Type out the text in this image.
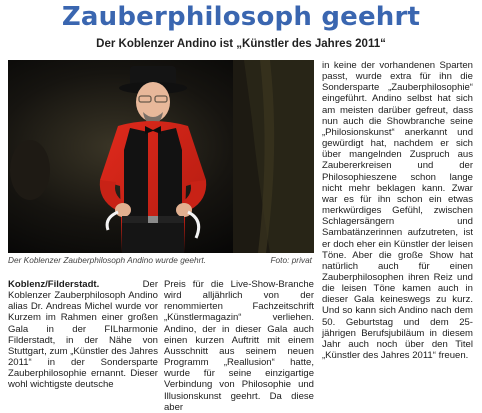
Zauberphilosoph geehrt
Der Koblenzer Andino ist „Künstler des Jahres 2011“
Der Koblenzer Zauberphilosoph Andino wurde geehrt.	Foto: privat
Koblenz/Filderstadt.	Der Koblenzer Zauberphilosoph Andino alias Dr. Andreas Michel wurde vor Kurzem im Rahmen einer großen Gala in der FILharmonie Filderstadt, in der Nähe von Stuttgart, zum „Künstler des Jahres 2011“ in der Sondersparte Zauberphilosophie ernannt. Dieser wohl wichtigste deutsche
Preis für die Live-Show-Branche wird alljährlich von der renommierten Fachzeitschrift „Künstlermagazin“ verliehen. Andino, der in dieser Gala auch einen kurzen Auftritt mit einem Ausschnitt aus seinem neuen Programm „Reallusion“ hatte, wurde für seine einzigartige Verbindung von Philosophie und Illusionskunst geehrt. Da diese aber
in keine der vorhandenen Sparten passt, wurde extra für ihn die Sondersparte „Zauberphilosophie“ eingeführt. Andino selbst hat sich am meisten darüber gefreut, dass nun auch die Showbranche seine „Philosionskunst“ anerkannt und gewürdigt hat, nachdem er sich über mangelnden Zuspruch aus Zaubererkreisen und der Philosophieszene schon lange nicht mehr beklagen kann. Zwar war es für ihn schon ein etwas merkwürdiges Gefühl, zwischen Schlagersängern und Sambatänzerinnen aufzutreten, ist er doch eher ein Künstler der leisen Töne. Aber die große Show hat natürlich auch für einen Zauberphilosophen ihren Reiz und die leisen Töne kamen auch in dieser Gala keineswegs zu kurz. Und so kann sich Andino nach dem 50. Geburtstag und dem 25-jährigen Berufsjubiläum in diesem Jahr auch noch über den Titel „Künstler des Jahres 2011“ freuen.
